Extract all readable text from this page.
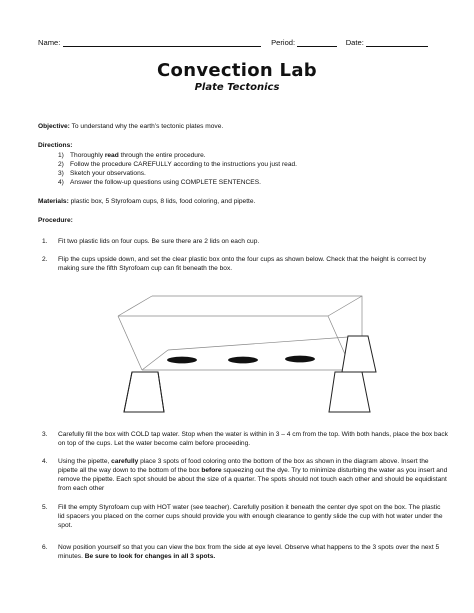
Name:	Period:	Date:
Convection Lab
Plate Tectonics
Objective: To understand why the earth’s tectonic plates move.
Directions:
1) Thoroughly read through the entire procedure.
2) Follow the procedure CAREFULLY according to the instructions you just read.
3) Sketch your observations.
4) Answer the follow-up questions using COMPLETE SENTENCES.
Materials: plastic box, 5 Styrofoam cups, 8 lids, food coloring, and pipette.
Procedure:
1. Fit two plastic lids on four cups. Be sure there are 2 lids on each cup.
2. Flip the cups upside down, and set the clear plastic box onto the four cups as shown below. Check that the height is correct by making sure the fifth Styrofoam cup can fit beneath the box.
3. Carefully fill the box with COLD tap water. Stop when the water is within in 3 – 4 cm from the top. With both hands, place the box back on top of the cups. Let the water become calm before proceeding.
4. Using the pipette, carefully place 3 spots of food coloring onto the bottom of the box as shown in the diagram above. Insert the pipette all the way down to the bottom of the box before squeezing out the dye. Try to minimize disturbing the water as you insert and remove the pipette. Each spot should be about the size of a quarter. The spots should not touch each other and should be equidistant from each other
5. Fill the empty Styrofoam cup with HOT water (see teacher). Carefully position it beneath the center dye spot on the box. The plastic lid spacers you placed on the corner cups should provide you with enough clearance to gently slide the cup with hot water under the spot.
6. Now position yourself so that you can view the box from the side at eye level. Observe what happens to the 3 spots over the next 5 minutes. Be sure to look for changes in all 3 spots.
